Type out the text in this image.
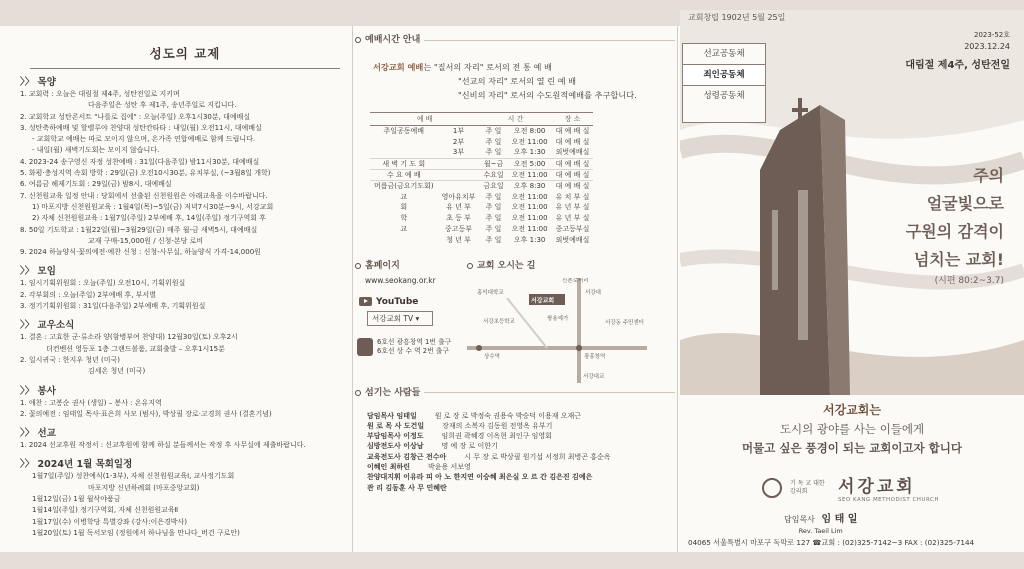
성도의 교제
〉〉 목양
1. 교회력 : 오늘은 대림절 제4주, 성탄전일로 지키며
다음주일은 성탄 후 제1주, 송년주일로 지킵니다.
2. 교회학교 성탄콘서트 "나를로 집에" : 오늘(주일) 오후1시30분, 대예배실
3. 성탄축하예배 및 할렐루야 찬양대 성탄칸타타 : 내일(월) 오전11시, 대예배실
- 교회학교 예배는 따로 모이지 않으며, 온가족 연합예배로 함께 드립니다.
- 내일(월) 새벽기도회는 모이지 않습니다.
4. 2023-24 송구영신 자정 성찬예배 : 31일(다음주일) 밤11시30분, 대예배실
5. 화평·충성지역 속회 방학 : 29일(금) 오전10시30분, 유치부실, (~3월8일 개학)
6. 여름금 헤제기도회 : 29일(금) 밤8시, 대예배실
7. 신천원교육 일정 안내 : 당회에서 선출된 신천원원은 아래교육을 이수바랍니다.
1) 마포지방 신천원원교육 : 1월4일(목)~5일(금) 저녁7시30분~9시, 서강교회
2) 자체 신천원원교육 : 1월7일(주일) 2부예배 후, 14일(주일) 정기구역회 후
8. 50일 기도학교 : 1월22일(월)~3월29일(금) 매주 월-금 새벽5시, 대예배실
교재 구매-15,000원 / 신청-본당 로비
9. 2024 하늘양식·꽃의예전·예찬 신청 : 신청-사무실, 하늘양식 가격-14,000원
〉〉 모임
1. 임시기획위원회 : 오늘(주일) 오전10시, 기획위원실
2. 각부회의 : 오늘(주일) 2부예배 후, 부서별
3. 정기기획위원회 : 31일(다음주일) 2부예배 후, 기획위원실
〉〉 교우소식
1. 결혼 : 고효한 군·류소라 양(함병부여 찬양대) 12월30일(토) 오후2시
더컨벤션 영등포 1층 그랜드볼룸, 교회출발 – 오후1시15분
2. 일시귀국 : 한지우 청년 (미국)
김세온 청년 (미국)
〉〉 봉사
1. 애찬 : 고봉순 권사 (생일) – 봉사 : 온유지역
2. 꽃의예전 : 임태일 목사·표은희 사모 (범사), 박상필 장로·고경희 권사 (결혼기념)
〉〉 선교
1. 2024 선교후원 작정서 : 선교후원에 함께 하실 분들께서는 작정 후 사무실에 제출바랍니다.
〉〉 2024년 1월 목회일정
1월7일(주일) 성찬예식(1-3부), 자체 신천원원교육Ⅰ, 교사정기도회
마포지방 신년하례회 (마포중앙교회)
1월12일(금) 1월 월삭야품금
1월14일(주일) 정기구역회, 자체 신천원원교육Ⅱ
1월17일(수) 이병학당 특별강좌 (강사:이은경박사)
1월20일(토) 1월 독서모임 (정원에서 하나님을 만나다_버건 구로안)
예배시간 안내
서강교회 예배는 "질서의 자리" 로서의 전 통 예 배
"선교의 자리" 로서의 열 린 예 배
"신비의 자리" 로서의 수도원적예배를 추구합니다.
예 배		시 간		장 소
주일공동예배	1부	주 일	오전 8:00	대 예 배 실
	2부	주 일	오전 11:00	대 예 배 실
	3부	주 일	오후 1:30	외벗예배실
새 벽 기 도 회		월~금	오전 5:00	대 예 배 실
수 요 예 배		수요일	오전 11:00	대 예 배 실
머릅금(금요기도회)		금요일	오후 8:30	대 예 배 실
교	영아유치부	주 일	오전 11:00	유 치 부 실
회	유 년 부	주 일	오전 11:00	유 년 부 실
학	초 등 부	주 일	오전 11:00	유 년 부 실
교	중고등부	주 일	오전 11:00	중고등부실
	청 년 부	주 일	오후 1:30	외벗예배실
홈페이지
www.seokang.or.kr
YouTube
서강교회 TV ▾
6호선 광흥창역 1번 출구
6호선 상 수 역 2번 출구
교회 오시는 길
신촌로터리
홍익대학교
서강교회
서강대
서강초등학교	쌍용예가
서강동 주민센터
상수역	광흥창역
서강대교
섬기는 사람들
담임목사 임태일	원 로 장 로 박정숙 권용숙 박승덕 이용재 오재근
원 로 목 사 도건일	장재의 소복자 김동원 전영옥 유부기
부담임목사 이정도	임희권 곽혜경 이옥현 최인구 임영회
심방전도사 이상남	명 예 장 로 이한기
교육전도사 김창근 전수아	시 무 장 로 박상필 원기섭 서정희 최병곤 홍순옥
이혜인 최하린	박윤용 서보영
찬양대지휘 이유라 피 아 노 한지연 이승혜 최은실 오 르 간 김은진 김예은
관 리 김동훈 사 무 민혜란
교회창립 1902년 5월 25일
2023-52호
2023.12.24
대림절 제4주, 성탄전일
선교공동체
죄인공동체
성령공동체
주의
얼굴빛으로
구원의 감격이
넘치는 교회!
(시편 80:2~3.7)
서강교회는
도시의 광야를 사는 이들에게
머물고 싶은 풍경이 되는 교회이고자 합니다
기 독 교 대한감리회	서강교회
SEO KANG METHODIST CHURCH
담임목사 임 태 일
Rev. Taeil Lim
04065 서울특별시 마포구 독막로 127 ☎교회 : (02)325-7142~3 FAX : (02)325-7144
